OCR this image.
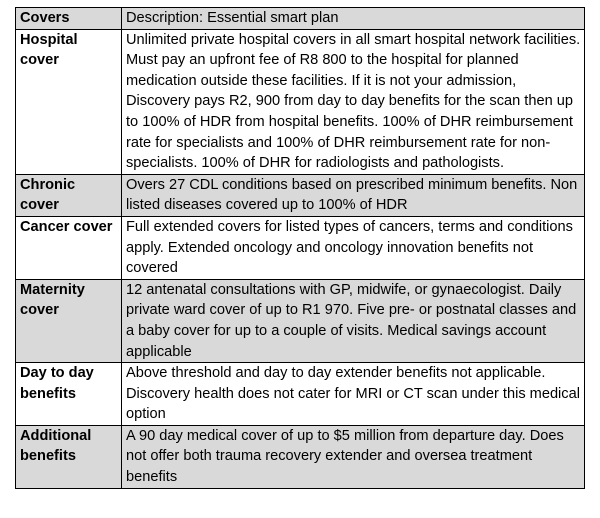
Covers	Description: Essential smart plan
Hospital cover	Unlimited private hospital covers in all smart hospital network facilities. Must pay an upfront fee of R8 800 to the hospital for planned medication outside these facilities. If it is not your admission, Discovery pays R2, 900 from day to day benefits for the scan then up to 100% of HDR from hospital benefits. 100% of DHR reimbursement rate for specialists and 100% of DHR reimbursement rate for non-specialists. 100% of DHR for radiologists and pathologists.
Chronic cover	Overs 27 CDL conditions based on prescribed minimum benefits. Non listed diseases covered up to 100% of HDR
Cancer cover	Full extended covers for listed types of cancers, terms and conditions apply. Extended oncology and oncology innovation benefits not covered
Maternity cover	12 antenatal consultations with GP, midwife, or gynaecologist. Daily private ward cover of up to R1 970. Five pre- or postnatal classes and a baby cover for up to a couple of visits. Medical savings account applicable
Day to day benefits	Above threshold and day to day extender benefits not applicable. Discovery health does not cater for MRI or CT scan under this medical option
Additional benefits	A 90 day medical cover of up to $5 million from departure day. Does not offer both trauma recovery extender and oversea treatment benefits
